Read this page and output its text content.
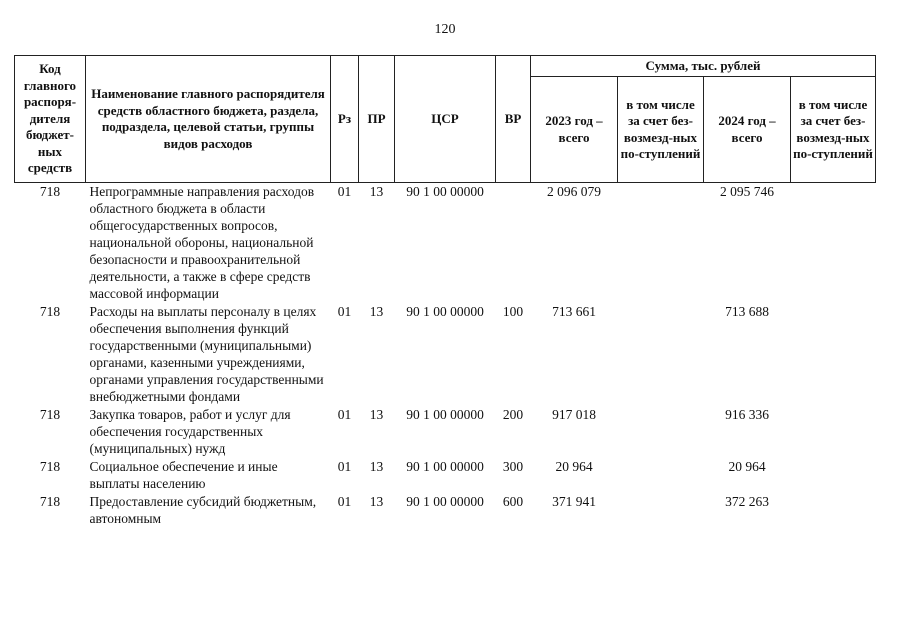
120
Код главного распоря-дителя бюджет-ных средств	Наименование главного распорядителя средств областного бюджета, раздела, подраздела, целевой статьи, группы видов расходов	Рз	ПР	ЦСР	ВР	Сумма, тыс. рублей			
						2023 год – всего	в том числе за счет без-возмезд-ных по-ступлений	2024 год – всего	в том числе за счет без-возмезд-ных по-ступлений
718	Непрограммные направления расходов областного бюджета в области общегосударственных вопросов, национальной обороны, национальной безопасности и правоохранительной деятельности, а также в сфере средств массовой информации	01	13	90 1 00 00000		2 096 079		2 095 746	
718	Расходы на выплаты персоналу в целях обеспечения выполнения функций государственными (муниципальными) органами, казенными учреждениями, органами управления государственными внебюджетными фондами	01	13	90 1 00 00000	100	713 661		713 688	
718	Закупка товаров, работ и услуг для обеспечения государственных (муниципальных) нужд	01	13	90 1 00 00000	200	917 018		916 336	
718	Социальное обеспечение и иные выплаты населению	01	13	90 1 00 00000	300	20 964		20 964	
718	Предоставление субсидий бюджетным, автономным	01	13	90 1 00 00000	600	371 941		372 263	
